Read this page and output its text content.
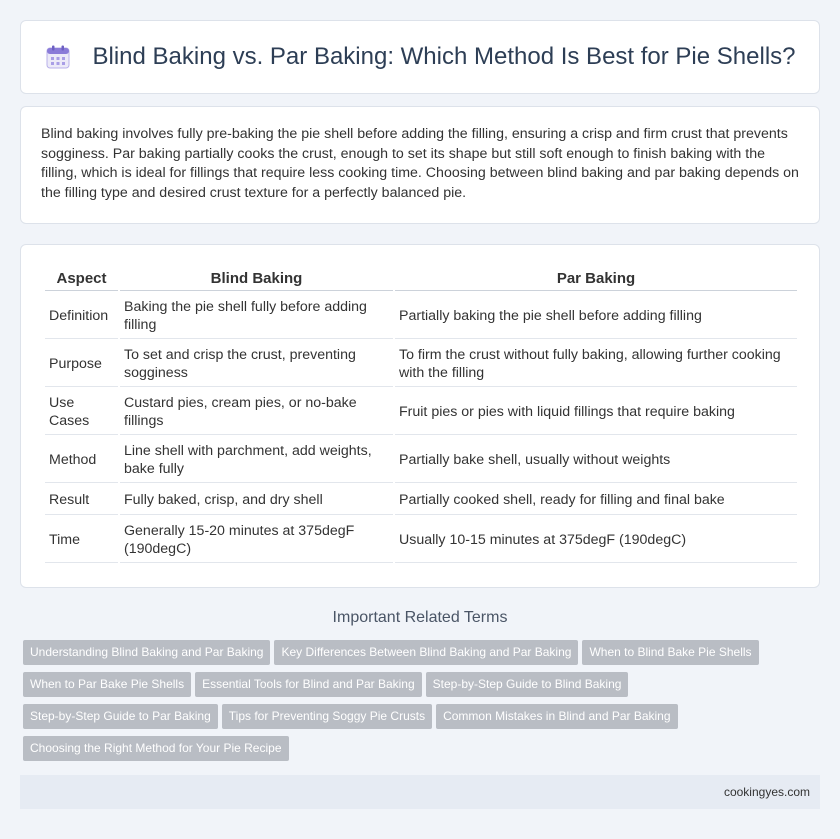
Blind Baking vs. Par Baking: Which Method Is Best for Pie Shells?

Blind baking involves fully pre-baking the pie shell before adding the filling, ensuring a crisp and firm crust that prevents sogginess. Par baking partially cooks the crust, enough to set its shape but still soft enough to finish baking with the filling, which is ideal for fillings that require less cooking time. Choosing between blind baking and par baking depends on the filling type and desired crust texture for a perfectly balanced pie.

Aspect	Blind Baking	Par Baking
Definition	Baking the pie shell fully before adding filling	Partially baking the pie shell before adding filling
Purpose	To set and crisp the crust, preventing sogginess	To firm the crust without fully baking, allowing further cooking with the filling
Use Cases	Custard pies, cream pies, or no-bake fillings	Fruit pies or pies with liquid fillings that require baking
Method	Line shell with parchment, add weights, bake fully	Partially bake shell, usually without weights
Result	Fully baked, crisp, and dry shell	Partially cooked shell, ready for filling and final bake
Time	Generally 15-20 minutes at 375degF (190degC)	Usually 10-15 minutes at 375degF (190degC)
Important Related Terms
Understanding Blind Baking and Par Baking Key Differences Between Blind Baking and Par Baking When to Blind Bake Pie Shells
When to Par Bake Pie Shells Essential Tools for Blind and Par Baking Step-by-Step Guide to Blind Baking
Step-by-Step Guide to Par Baking Tips for Preventing Soggy Pie Crusts Common Mistakes in Blind and Par Baking
Choosing the Right Method for Your Pie Recipe
cookingyes.com
